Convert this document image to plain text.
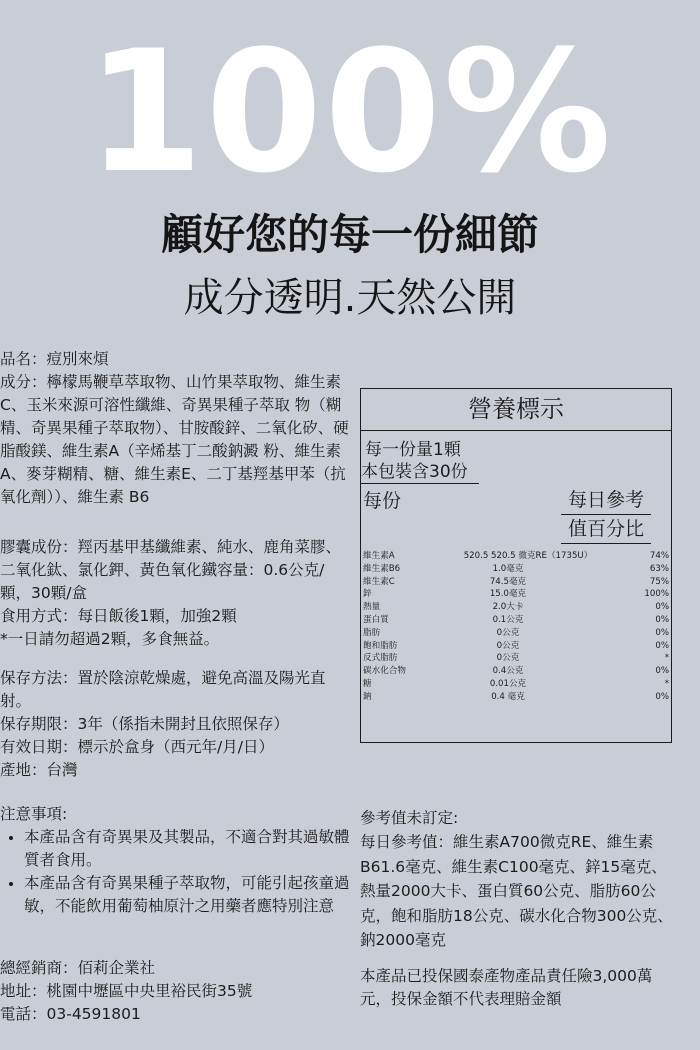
100%
顧好您的每一份細節
成分透明.天然公開

品名：痘別來煩

成分：檸檬馬鞭草萃取物、山竹果萃取物、維生素C、玉米來源可溶性纖維、奇異果種子萃取 物（糊精、奇異果種子萃取物）、甘胺酸鋅、二氧化矽、硬脂酸鎂、維生素A（辛烯基丁二酸鈉澱 粉、維生素A、麥芽糊精、糖、維生素E、二丁基羥基甲苯（抗氧化劑））、維生素 B6

膠囊成份：羥丙基甲基纖維素、純水、鹿角菜膠、二氧化鈦、氯化鉀、黃色氧化鐵容量：0.6公克/顆，30顆/盒

食用方式：每日飯後1顆，加強2顆

*一日請勿超過2顆，多食無益。

保存方法：置於陰涼乾燥處，避免高溫及陽光直射。

保存期限：3年（係指未開封且依照保存）

有效日期：標示於盒身（西元年/月/日）

產地：台灣

營養標示
每一份量1顆
本包裝含30份
每份	每日參考
值百分比
維生素A	520.5 520.5 微克RE（1735U）	74%
維生素B6	1.0毫克	63%
維生素C	74.5毫克	75%
鋅	15.0毫克	100%
熱量	2.0大卡	0%
蛋白質	0.1公克	0%
脂肪	0公克	0%
飽和脂肪	0公克	0%
反式脂肪	0公克	*
碳水化合物	0.4公克	0%
糖	0.01公克	*
鈉	0.4 毫克	0%

注意事項:

• 本產品含有奇異果及其製品，不適合對其過敏體質者食用。
• 本產品含有奇異果種子萃取物，可能引起孩童過敏，不能飲用葡萄柚原汁之用藥者應特別注意

參考值未訂定:

每日參考值：維生素A700微克RE、維生素B61.6毫克、維生素C100毫克、鋅15毫克、熱量2000大卡、蛋白質60公克、脂肪60公克，飽和脂肪18公克、碳水化合物300公克、鈉2000毫克

總經銷商：佰莉企業社

地址：桃園中壢區中央里裕民街35號

電話：03-4591801

本產品已投保國泰產物產品責任險3,000萬元，投保金額不代表理賠金額
